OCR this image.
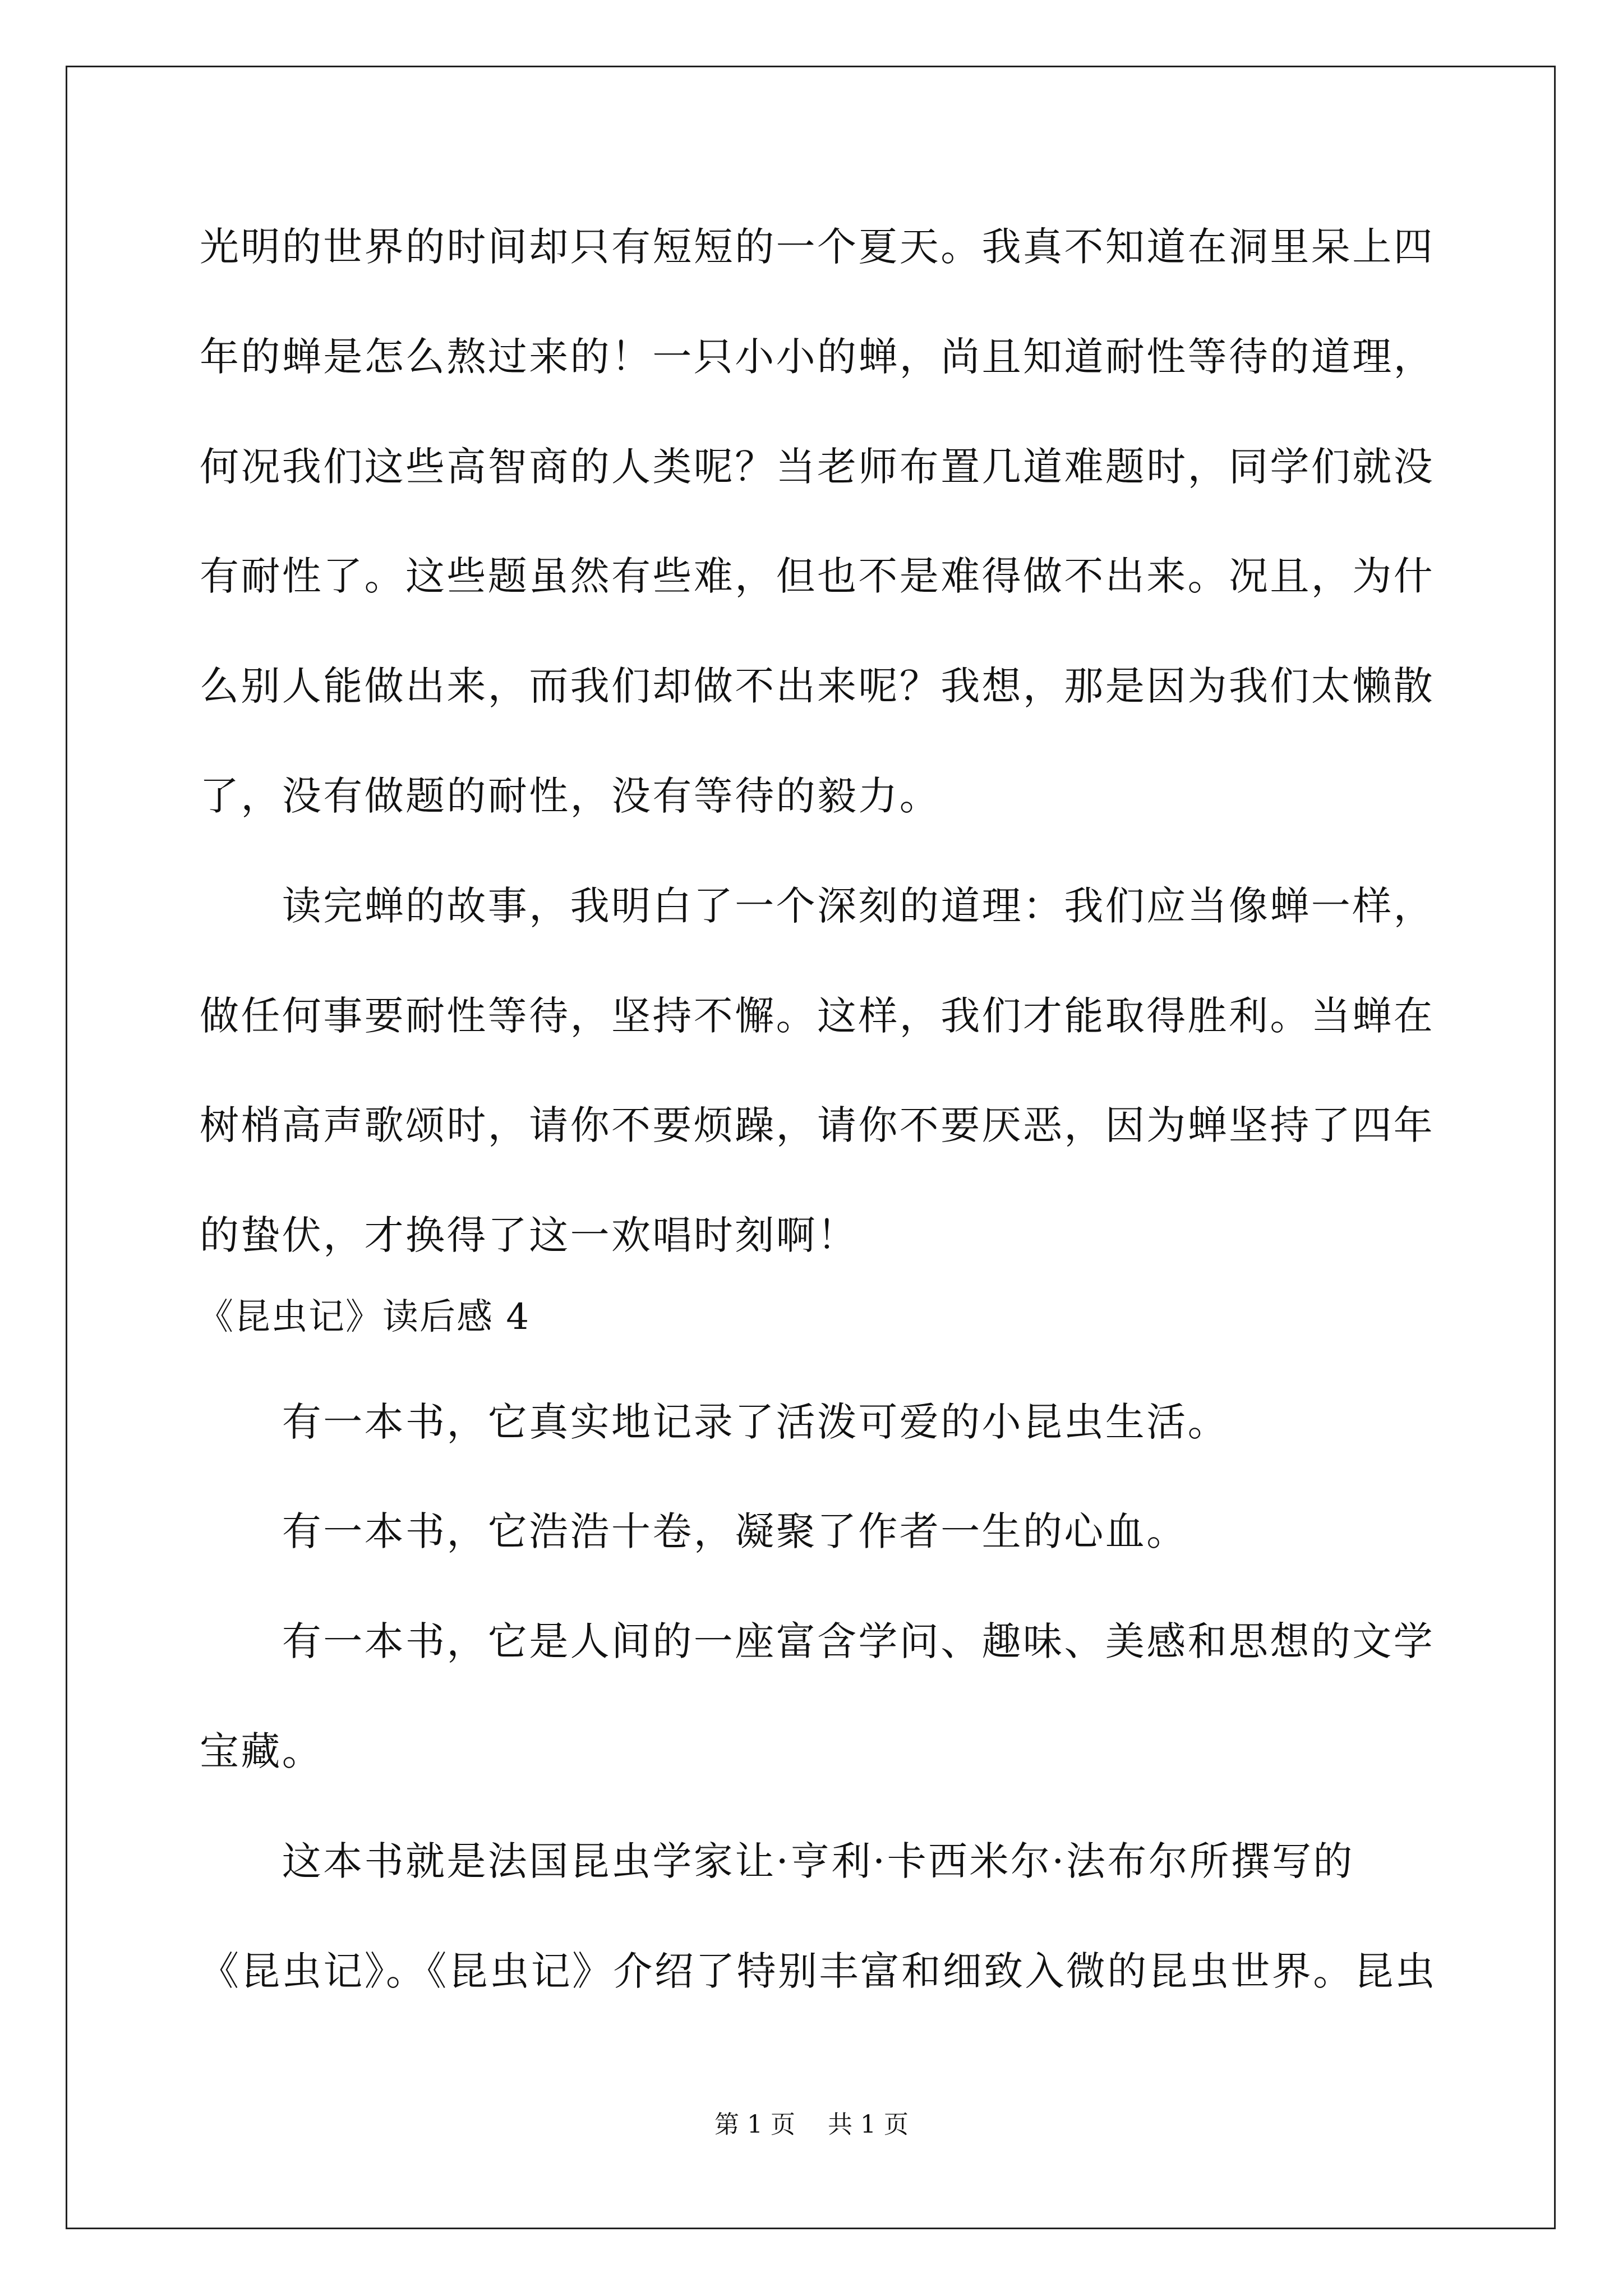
光明的世界的时间却只有短短的一个夏天。我真不知道在洞里呆上四
年的蝉是怎么熬过来的！一只小小的蝉，尚且知道耐性等待的道理，
何况我们这些高智商的人类呢？当老师布置几道难题时，同学们就没
有耐性了。这些题虽然有些难，但也不是难得做不出来。况且，为什
么别人能做出来，而我们却做不出来呢？我想，那是因为我们太懒散
了，没有做题的耐性，没有等待的毅力。
　　读完蝉的故事，我明白了一个深刻的道理：我们应当像蝉一样，
做任何事要耐性等待，坚持不懈。这样，我们才能取得胜利。当蝉在
树梢高声歌颂时，请你不要烦躁，请你不要厌恶，因为蝉坚持了四年
的蛰伏，才换得了这一欢唱时刻啊！
《昆虫记》读后感 4
　　有一本书，它真实地记录了活泼可爱的小昆虫生活。
　　有一本书，它浩浩十卷，凝聚了作者一生的心血。
　　有一本书，它是人间的一座富含学问、趣味、美感和思想的文学
宝藏。
　　这本书就是法国昆虫学家让·亨利·卡西米尔·法布尔所撰写的
《昆虫记》。《昆虫记》介绍了特别丰富和细致入微的昆虫世界。昆虫
第 1 页　 共 1 页
